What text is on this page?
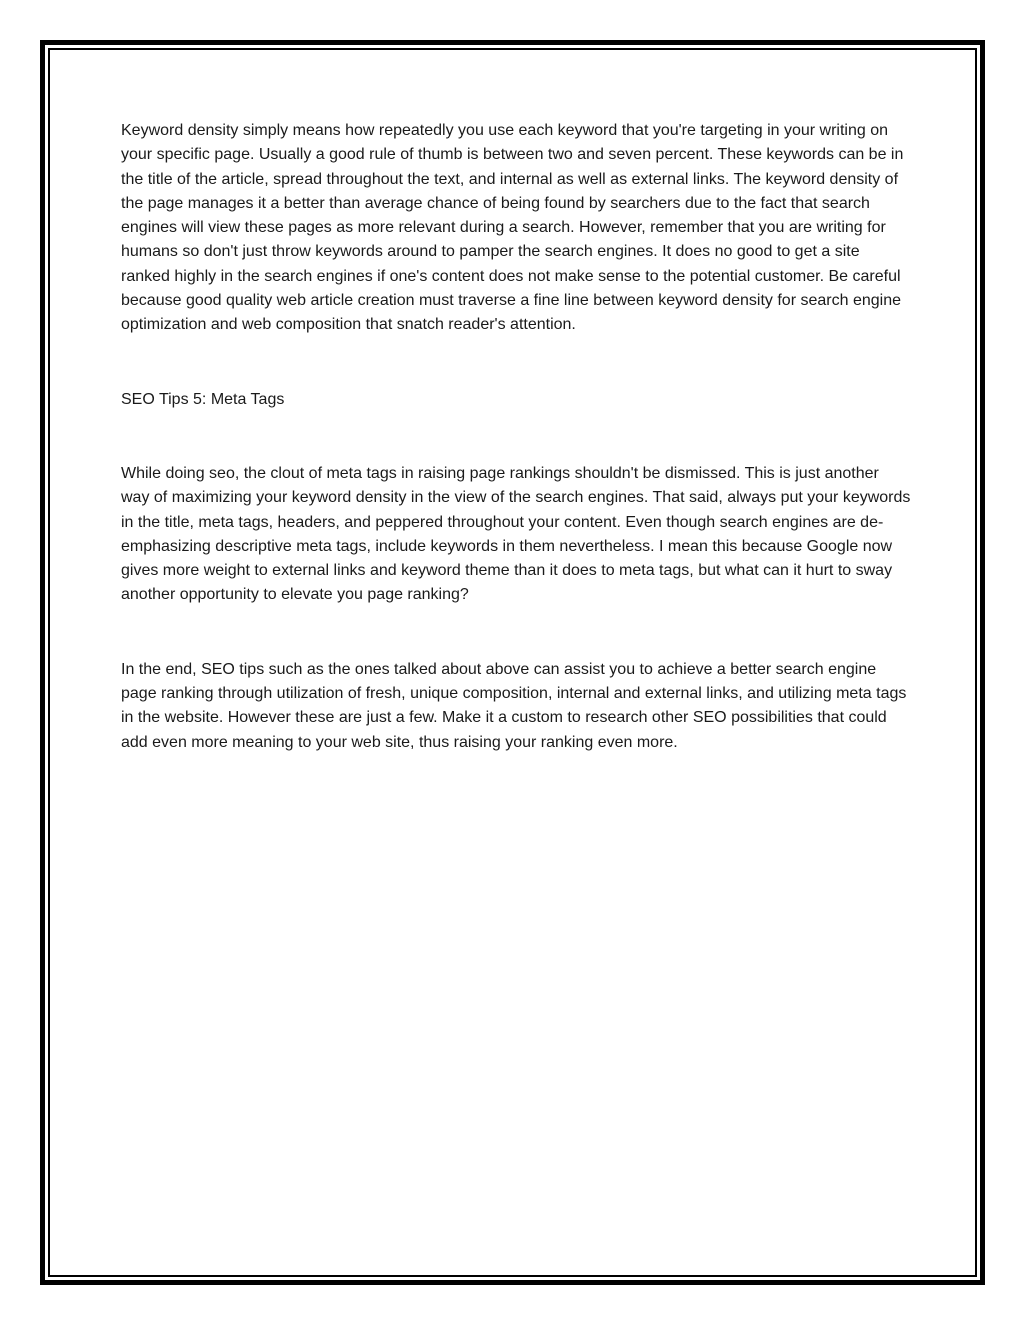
Keyword density simply means how repeatedly you use each keyword that you're targeting in your writing on your specific page. Usually a good rule of thumb is between two and seven percent. These keywords can be in the title of the article, spread throughout the text, and internal as well as external links. The keyword density of the page manages it a better than average chance of being found by searchers due to the fact that search engines will view these pages as more relevant during a search. However, remember that you are writing for humans so don't just throw keywords around to pamper the search engines. It does no good to get a site ranked highly in the search engines if one's content does not make sense to the potential customer. Be careful because good quality web article creation must traverse a fine line between keyword density for search engine optimization and web composition that snatch reader's attention.

SEO Tips 5: Meta Tags

While doing seo, the clout of meta tags in raising page rankings shouldn't be dismissed. This is just another way of maximizing your keyword density in the view of the search engines. That said, always put your keywords in the title, meta tags, headers, and peppered throughout your content. Even though search engines are de-emphasizing descriptive meta tags, include keywords in them nevertheless. I mean this because Google now gives more weight to external links and keyword theme than it does to meta tags, but what can it hurt to sway another opportunity to elevate you page ranking?

In the end, SEO tips such as the ones talked about above can assist you to achieve a better search engine page ranking through utilization of fresh, unique composition, internal and external links, and utilizing meta tags in the website. However these are just a few. Make it a custom to research other SEO possibilities that could add even more meaning to your web site, thus raising your ranking even more.
